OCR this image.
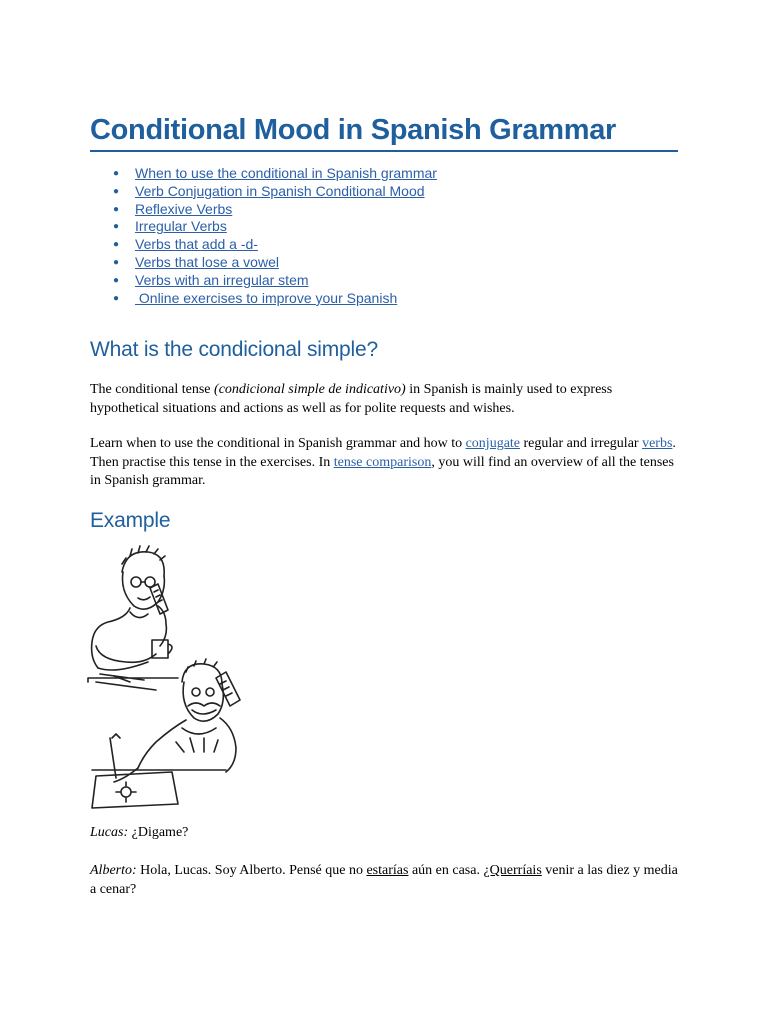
Conditional Mood in Spanish Grammar
● When to use the conditional in Spanish grammar
● Verb Conjugation in Spanish Conditional Mood
● Reflexive Verbs
● Irregular Verbs
● Verbs that add a -d-
● Verbs that lose a vowel
● Verbs with an irregular stem
● Online exercises to improve your Spanish
What is the condicional simple?

The conditional tense (condicional simple de indicativo) in Spanish is mainly used to express hypothetical situations and actions as well as for polite requests and wishes.

Learn when to use the conditional in Spanish grammar and how to conjugate regular and irregular verbs. Then practise this tense in the exercises. In tense comparison, you will find an overview of all the tenses in Spanish grammar.

Example

Lucas: ¿Digame?

Alberto: Hola, Lucas. Soy Alberto. Pensé que no estarías aún en casa. ¿Querríais venir a las diez y media a cenar?
